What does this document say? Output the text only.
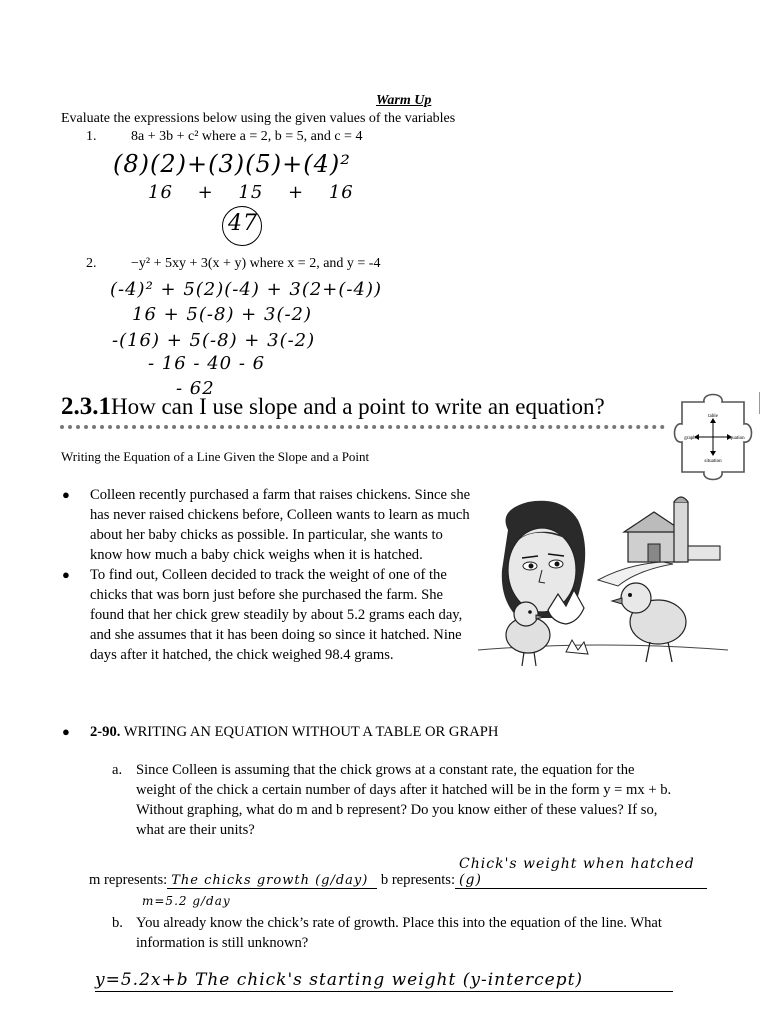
Warm Up
Evaluate the expressions below using the given values of the variables
1. 8a + 3b + c² where a = 2, b = 5, and c = 4
(8)(2)+(3)(5)+(4)²
16 + 15 + 16
47
2. −y² + 5xy + 3(x + y) where x = 2, and y = -4
(-4)² + 5(2)(-4) + 3(2+(-4))
16 + 5(-8) + 3(-2)
-(16) + 5(-8) + 3(-2)
- 16 - 40 - 6
- 62
2.3.1How can I use slope and a point to write an equation?
Writing the Equation of a Line Given the Slope and a Point
table
graph	equation
situation
●	Colleen recently purchased a farm that raises chickens. Since she has never raised chickens before, Colleen wants to learn as much about her baby chicks as possible. In particular, she wants to know how much a baby chick weighs when it is hatched.
●	To find out, Colleen decided to track the weight of one of the chicks that was born just before she purchased the farm. She found that her chick grew steadily by about 5.2 grams each day, and she assumes that it has been doing so since it hatched. Nine days after it hatched, the chick weighed 98.4 grams.
●	2-90. WRITING AN EQUATION WITHOUT A TABLE OR GRAPH
a. Since Colleen is assuming that the chick grows at a constant rate, the equation for the weight of the chick a certain number of days after it hatched will be in the form y = mx + b. Without graphing, what do m and b represent? Do you know either of these values? If so, what are their units?
m represents: The chicks growth (g/day) b represents:Chick's weight when hatched (g)
m=5.2 g/day
b. You already know the chick’s rate of growth. Place this into the equation of the line. What information is still unknown?
y=5.2x+b The chick's starting weight (y-intercept)
